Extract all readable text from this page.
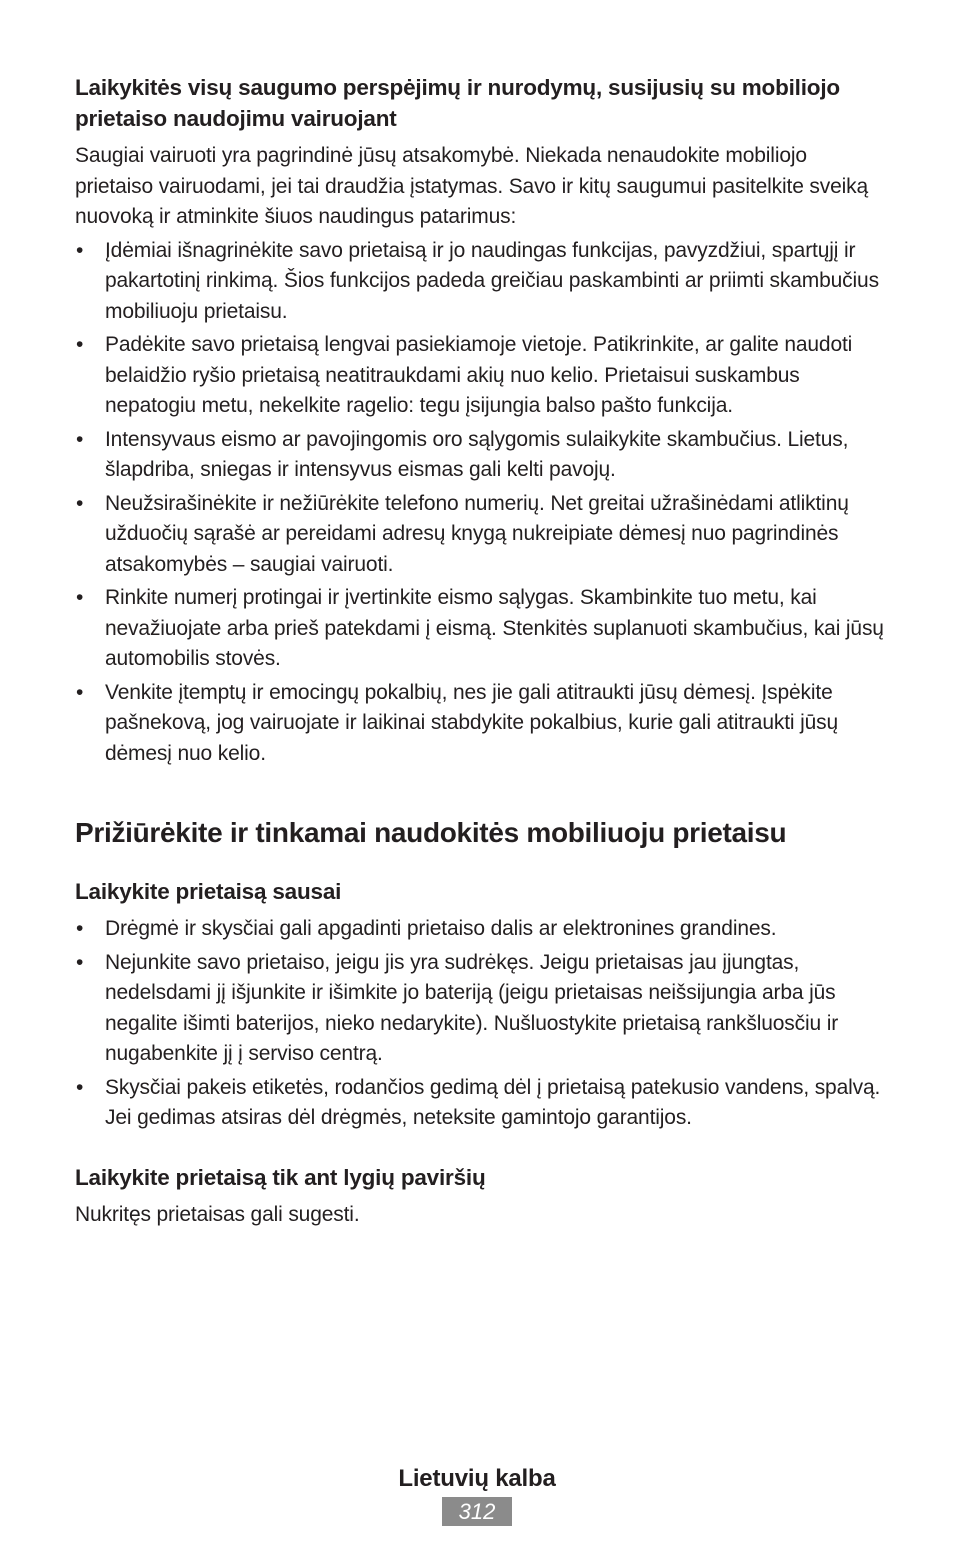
Laikykitės visų saugumo perspėjimų ir nurodymų, susijusių su mobiliojo prietaiso naudojimu vairuojant

Saugiai vairuoti yra pagrindinė jūsų atsakomybė. Niekada nenaudokite mobiliojo prietaiso vairuodami, jei tai draudžia įstatymas. Savo ir kitų saugumui pasitelkite sveiką nuovoką ir atminkite šiuos naudingus patarimus:

• Įdėmiai išnagrinėkite savo prietaisą ir jo naudingas funkcijas, pavyzdžiui, spartųjį ir pakartotinį rinkimą. Šios funkcijos padeda greičiau paskambinti ar priimti skambučius mobiliuoju prietaisu.
• Padėkite savo prietaisą lengvai pasiekiamoje vietoje. Patikrinkite, ar galite naudoti belaidžio ryšio prietaisą neatitraukdami akių nuo kelio. Prietaisui suskambus nepatogiu metu, nekelkite ragelio: tegu įsijungia balso pašto funkcija.
• Intensyvaus eismo ar pavojingomis oro sąlygomis sulaikykite skambučius. Lietus, šlapdriba, sniegas ir intensyvus eismas gali kelti pavojų.
• Neužsirašinėkite ir nežiūrėkite telefono numerių. Net greitai užrašinėdami atliktinų užduočių sąrašė ar pereidami adresų knygą nukreipiate dėmesį nuo pagrindinės atsakomybės – saugiai vairuoti.
• Rinkite numerį protingai ir įvertinkite eismo sąlygas. Skambinkite tuo metu, kai nevažiuojate arba prieš patekdami į eismą. Stenkitės suplanuoti skambučius, kai jūsų automobilis stovės.
• Venkite įtemptų ir emocingų pokalbių, nes jie gali atitraukti jūsų dėmesį. Įspėkite pašnekovą, jog vairuojate ir laikinai stabdykite pokalbius, kurie gali atitraukti jūsų dėmesį nuo kelio.
Prižiūrėkite ir tinkamai naudokitės mobiliuoju prietaisu
Laikykite prietaisą sausai
• Drėgmė ir skysčiai gali apgadinti prietaiso dalis ar elektronines grandines.
• Nejunkite savo prietaiso, jeigu jis yra sudrėkęs. Jeigu prietaisas jau įjungtas, nedelsdami jį išjunkite ir išimkite jo bateriją (jeigu prietaisas neišsijungia arba jūs negalite išimti baterijos, nieko nedarykite). Nušluostykite prietaisą rankšluosčiu ir nugabenkite jį į serviso centrą.
• Skysčiai pakeis etiketės, rodančios gedimą dėl į prietaisą patekusio vandens, spalvą. Jei gedimas atsiras dėl drėgmės, neteksite gamintojo garantijos.
Laikykite prietaisą tik ant lygių paviršių

Nukritęs prietaisas gali sugesti.

Lietuvių kalba
312
